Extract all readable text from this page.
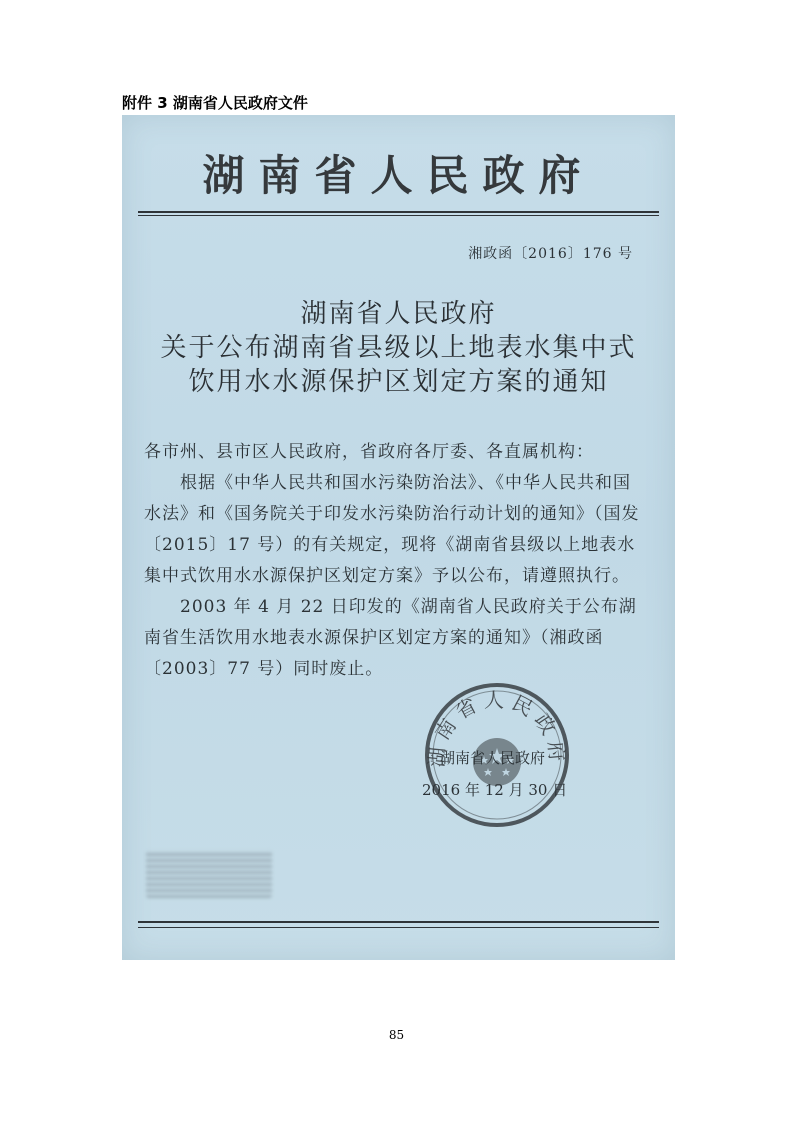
附件 3 湖南省人民政府文件
湖南省人民政府
湘政函〔2016〕176 号
湖南省人民政府
关于公布湖南省县级以上地表水集中式
饮用水水源保护区划定方案的通知

各市州、县市区人民政府，省政府各厅委、各直属机构：

根据《中华人民共和国水污染防治法》、《中华人民共和国水法》和《国务院关于印发水污染防治行动计划的通知》（国发〔2015〕17 号）的有关规定，现将《湖南省县级以上地表水集中式饮用水水源保护区划定方案》予以公布，请遵照执行。

2003 年 4 月 22 日印发的《湖南省人民政府关于公布湖南省生活饮用水地表水源保护区划定方案的通知》（湘政函〔2003〕77 号）同时废止。

湖南省人民政府
湖南省人民政府
2016 年 12 月 30 日
85
